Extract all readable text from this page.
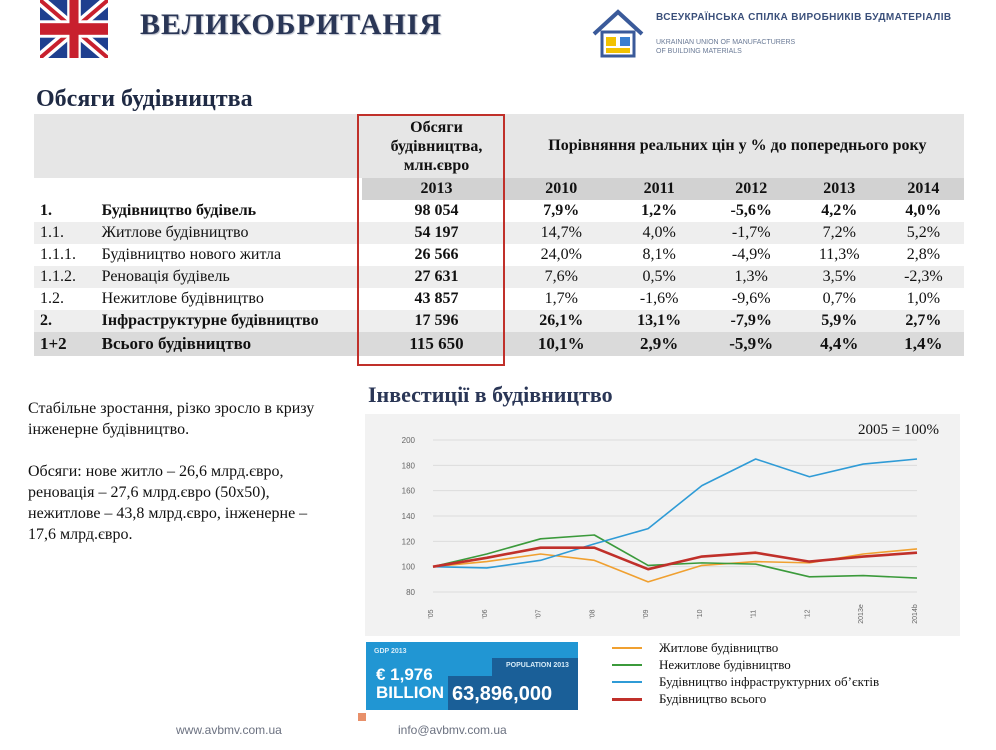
ВЕЛИКОБРИТАНІЯ	ВСЕУКРАЇНСЬКА СПІЛКА ВИРОБНИКІВ БУДМАТЕРІАЛІВ
UKRAINIAN UNION OF MANUFACTURERS
OF BUILDING MATERIALS
Обсяги будівництва
		Обсяги будівництва, млн.євро	Порівняння реальних цін у % до попереднього року				
		2013	2010	2011	2012	2013	2014
1.	Будівництво будівель	98 054	7,9%	1,2%	-5,6%	4,2%	4,0%
1.1.	Житлове будівництво	54 197	14,7%	4,0%	-1,7%	7,2%	5,2%
1.1.1.	Будівництво нового житла	26 566	24,0%	8,1%	-4,9%	11,3%	2,8%
1.1.2.	Реновація будівель	27 631	7,6%	0,5%	1,3%	3,5%	-2,3%
1.2.	Нежитлове будівництво	43 857	1,7%	-1,6%	-9,6%	0,7%	1,0%
2.	Інфраструктурне будівництво	17 596	26,1%	13,1%	-7,9%	5,9%	2,7%
1+2	Всього будівництво	115 650	10,1%	2,9%	-5,9%	4,4%	1,4%

Стабільне зростання, різко зросло в кризу інженерне будівництво.

Обсяги: нове житло – 26,6 млрд.євро, реновація – 27,6 млрд.євро (50х50), нежитлове – 43,8 млрд.євро, інженерне – 17,6 млрд.євро.

Інвестиції в будівництво
80
100
120
140
160
180
200
'05	'06	'07	'08	'09	'10	'11	'12	2013e	2014b
2005 = 100%
GDP 2013
€ 1,976
BILLION
POPULATION 2013
63,896,000
Житлове будівництво
Нежитлове будівництво
Будівництво інфраструктурних об’єктів
Будівництво всього
www.avbmv.com.ua	info@avbmv.com.ua
